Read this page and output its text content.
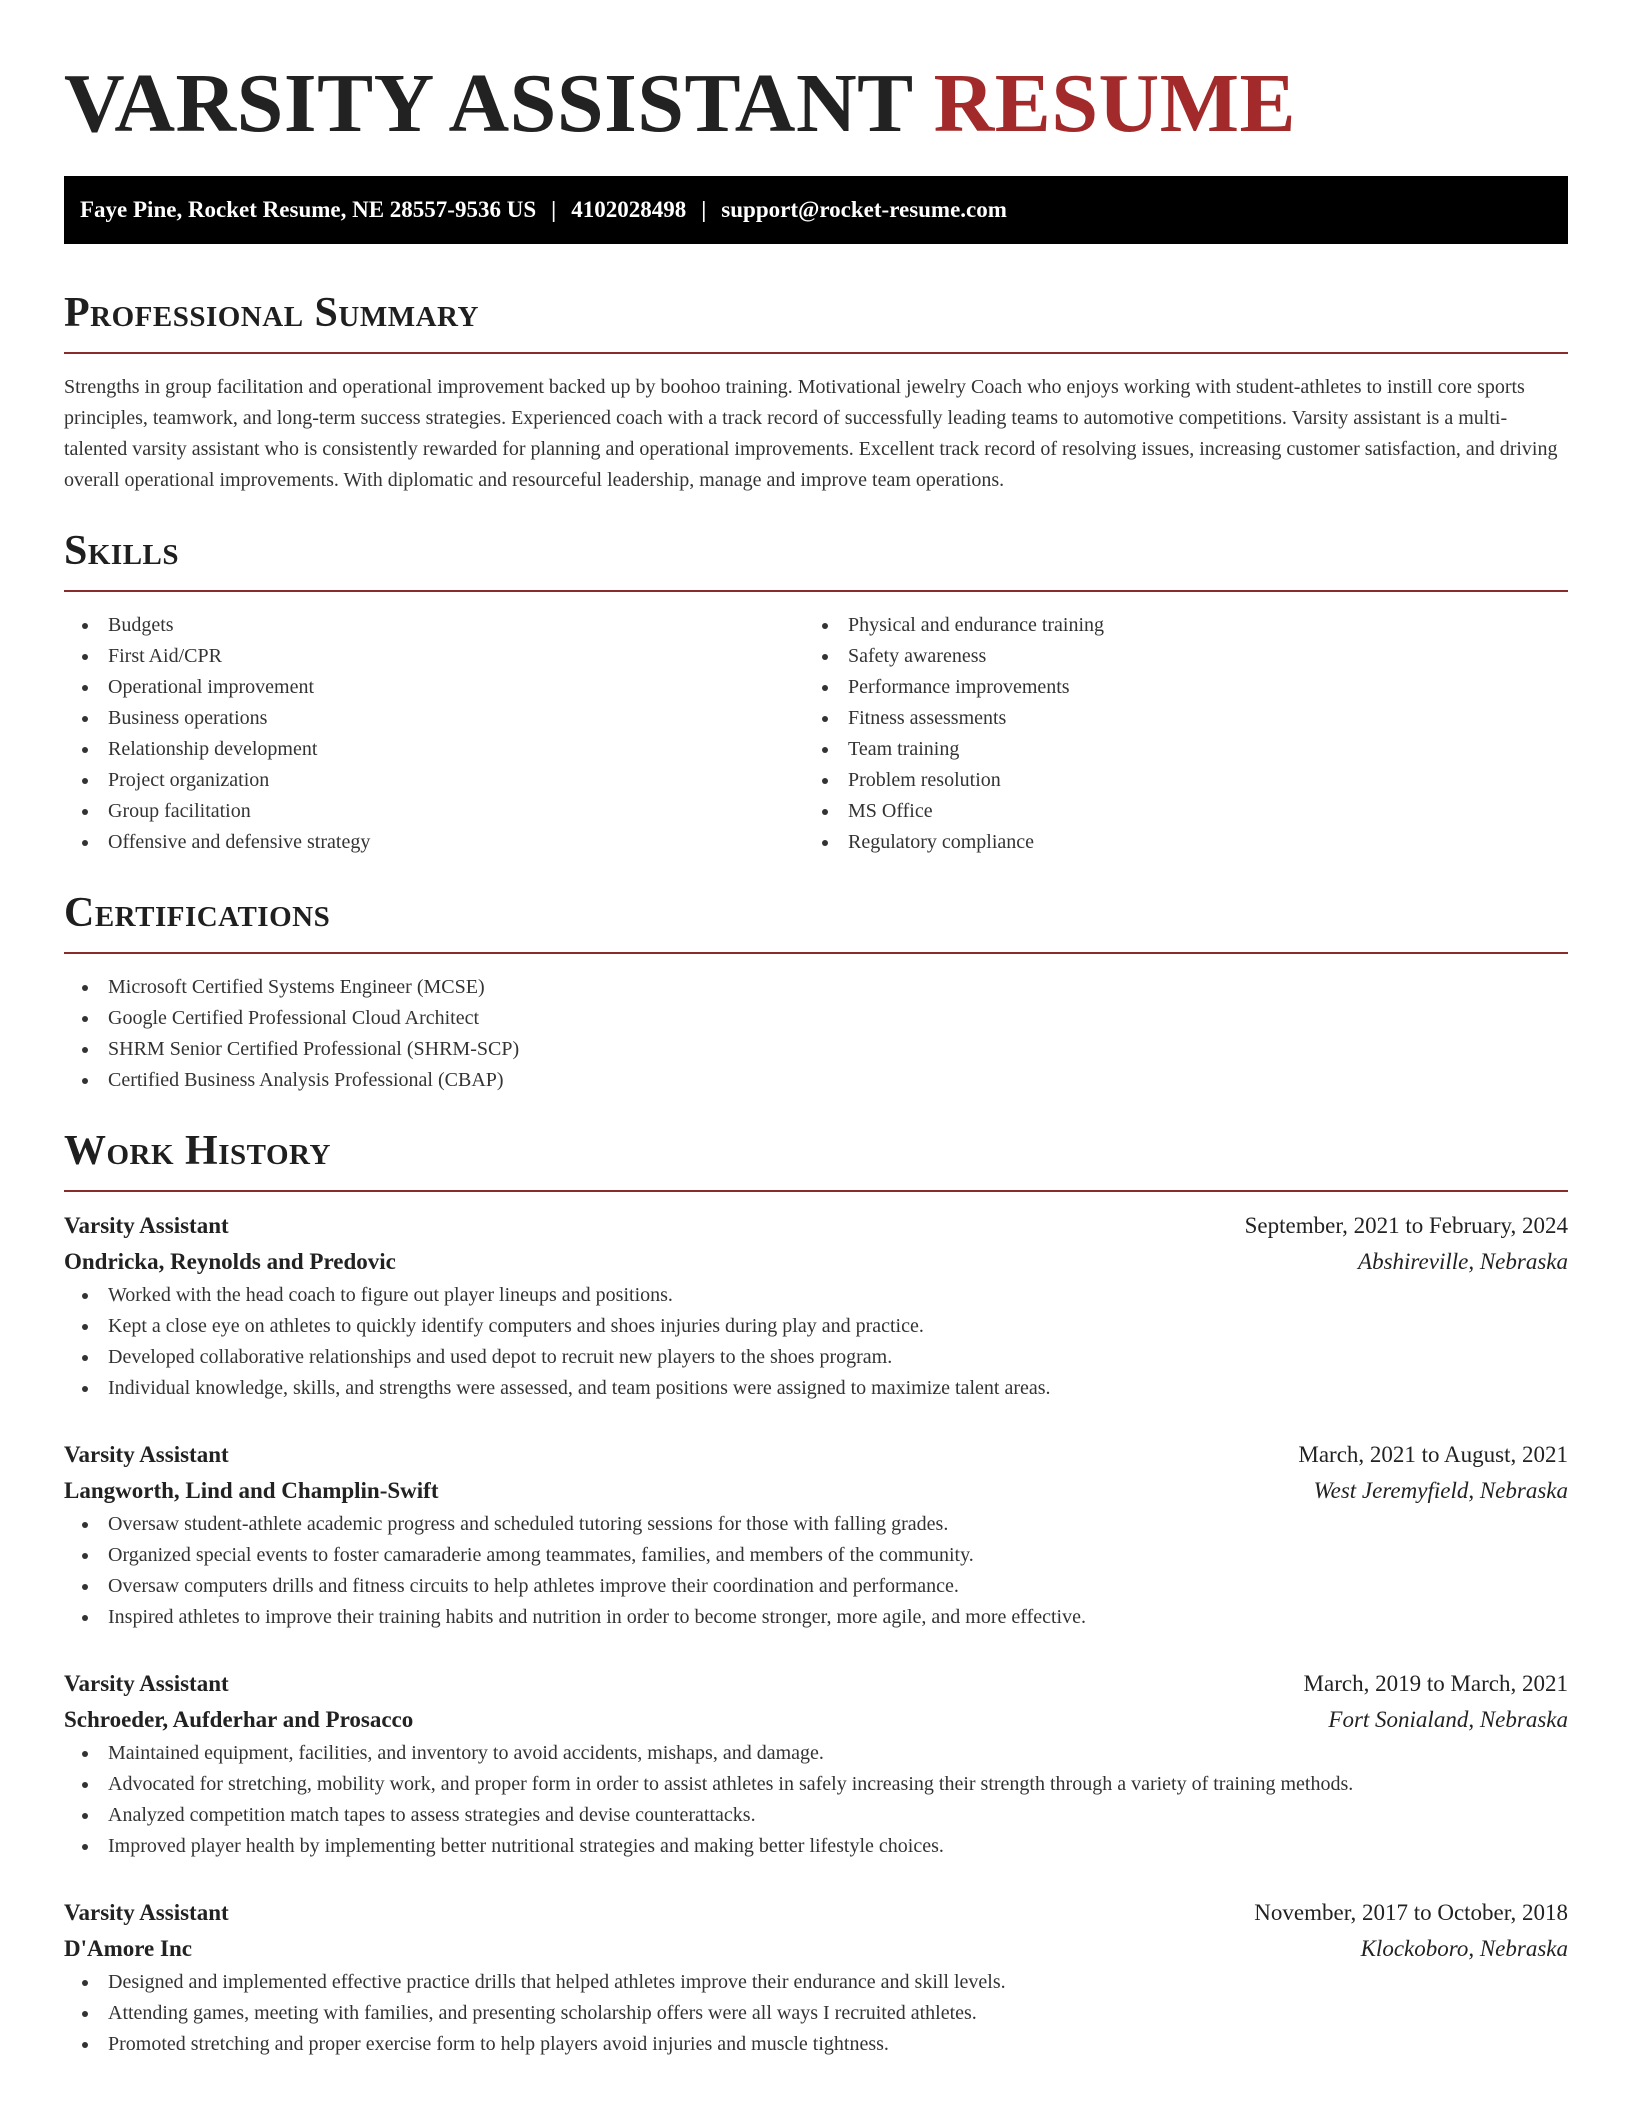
VARSITY ASSISTANT RESUME
Faye Pine, Rocket Resume, NE 28557-9536 US | 4102028498 | support@rocket-resume.com
Professional Summary

Strengths in group facilitation and operational improvement backed up by boohoo training. Motivational jewelry Coach who enjoys working with student-athletes to instill core sports principles, teamwork, and long-term success strategies. Experienced coach with a track record of successfully leading teams to automotive competitions. Varsity assistant is a multi-talented varsity assistant who is consistently rewarded for planning and operational improvements. Excellent track record of resolving issues, increasing customer satisfaction, and driving overall operational improvements. With diplomatic and resourceful leadership, manage and improve team operations.

Skills
Budgets
First Aid/CPR
Operational improvement
Business operations
Relationship development
Project organization
Group facilitation
Offensive and defensive strategy
Physical and endurance training
Safety awareness
Performance improvements
Fitness assessments
Team training
Problem resolution
MS Office
Regulatory compliance
Certifications
Microsoft Certified Systems Engineer (MCSE)
Google Certified Professional Cloud Architect
SHRM Senior Certified Professional (SHRM-SCP)
Certified Business Analysis Professional (CBAP)
Work History
Varsity Assistant	September, 2021 to February, 2024
Ondricka, Reynolds and Predovic	Abshireville, Nebraska
Worked with the head coach to figure out player lineups and positions.
Kept a close eye on athletes to quickly identify computers and shoes injuries during play and practice.
Developed collaborative relationships and used depot to recruit new players to the shoes program.
Individual knowledge, skills, and strengths were assessed, and team positions were assigned to maximize talent areas.
Varsity Assistant	March, 2021 to August, 2021
Langworth, Lind and Champlin-Swift	West Jeremyfield, Nebraska
Oversaw student-athlete academic progress and scheduled tutoring sessions for those with falling grades.
Organized special events to foster camaraderie among teammates, families, and members of the community.
Oversaw computers drills and fitness circuits to help athletes improve their coordination and performance.
Inspired athletes to improve their training habits and nutrition in order to become stronger, more agile, and more effective.
Varsity Assistant	March, 2019 to March, 2021
Schroeder, Aufderhar and Prosacco	Fort Sonialand, Nebraska
Maintained equipment, facilities, and inventory to avoid accidents, mishaps, and damage.
Advocated for stretching, mobility work, and proper form in order to assist athletes in safely increasing their strength through a variety of training methods.
Analyzed competition match tapes to assess strategies and devise counterattacks.
Improved player health by implementing better nutritional strategies and making better lifestyle choices.
Varsity Assistant	November, 2017 to October, 2018
D'Amore Inc	Klockoboro, Nebraska
Designed and implemented effective practice drills that helped athletes improve their endurance and skill levels.
Attending games, meeting with families, and presenting scholarship offers were all ways I recruited athletes.
Promoted stretching and proper exercise form to help players avoid injuries and muscle tightness.
